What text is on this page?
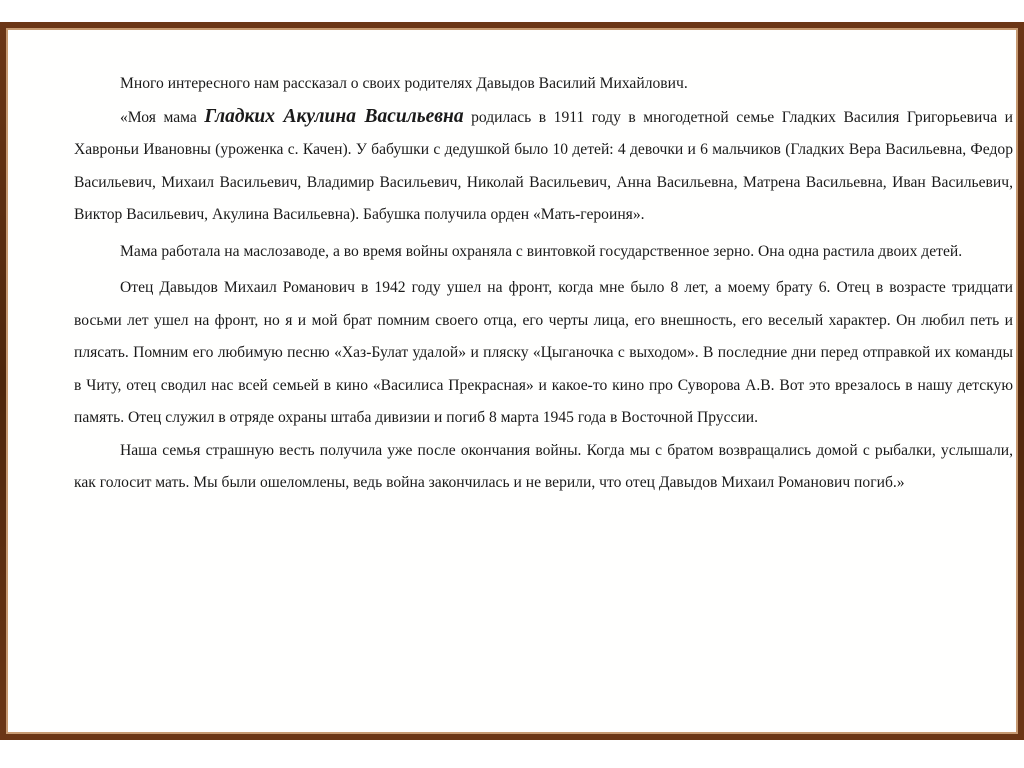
Много интересного нам рассказал о своих родителях Давыдов Василий Михайлович.

«Моя мама Гладких Акулина Васильевна родилась в 1911 году в многодетной семье Гладких Василия Григорьевича и Хавроньи Ивановны (уроженка с. Качен). У бабушки с дедушкой было 10 детей: 4 девочки и 6 мальчиков (Гладких Вера Васильевна, Федор Васильевич, Михаил Васильевич, Владимир Васильевич, Николай Васильевич, Анна Васильевна, Матрена Васильевна, Иван Васильевич, Виктор Васильевич, Акулина Васильевна). Бабушка получила орден «Мать-героиня».

Мама работала на маслозаводе, а во время войны охраняла с винтовкой государственное зерно. Она одна растила двоих детей.

Отец Давыдов Михаил Романович в 1942 году ушел на фронт, когда мне было 8 лет, а моему брату 6. Отец в возрасте тридцати восьми лет ушел на фронт, но я и мой брат помним своего отца, его черты лица, его внешность, его веселый характер. Он любил петь и плясать. Помним его любимую песню «Хаз-Булат удалой» и пляску «Цыганочка с выходом». В последние дни перед отправкой их команды в Читу, отец сводил нас всей семьей в кино «Василиса Прекрасная» и какое-то кино про Суворова А.В. Вот это врезалось в нашу детскую память. Отец служил в отряде охраны штаба дивизии и погиб 8 марта 1945 года в Восточной Пруссии.

Наша семья страшную весть получила уже после окончания войны. Когда мы с братом возвращались домой с рыбалки, услышали, как голосит мать. Мы были ошеломлены, ведь война закончилась и не верили, что отец Давыдов Михаил Романович погиб.»
